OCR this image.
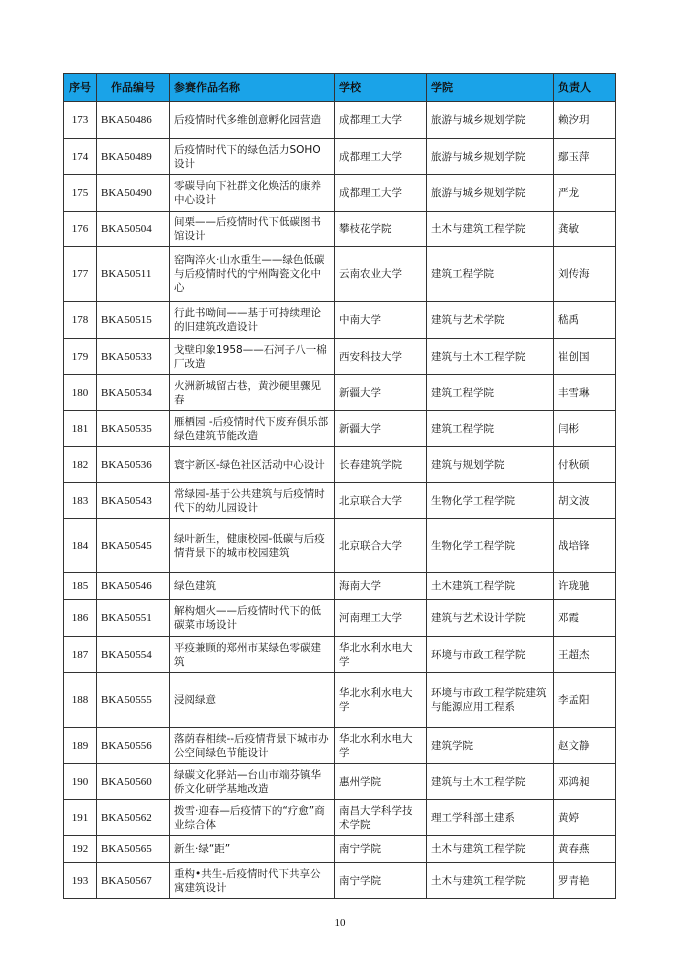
序号	作品编号	参赛作品名称	学校	学院	负责人
173	BKA50486	后疫情时代多维创意孵化园营造	成都理工大学	旅游与城乡规划学院	赖汐玥
174	BKA50489	后疫情时代下的绿色活力SOHO设计	成都理工大学	旅游与城乡规划学院	鄢玉萍
175	BKA50490	零碳导向下社群文化焕活的康养中心设计	成都理工大学	旅游与城乡规划学院	严龙
176	BKA50504	间栗——后疫情时代下低碳图书馆设计	攀枝花学院	土木与建筑工程学院	龚敏
177	BKA50511	窑陶淬火·山水重生——绿色低碳与后疫情时代的宁州陶瓷文化中心	云南农业大学	建筑工程学院	刘传海
178	BKA50515	行此书呦间——基于可持续理论的旧建筑改造设计	中南大学	建筑与艺术学院	嵇禹
179	BKA50533	戈壁印象1958——石河子八一棉厂改造	西安科技大学	建筑与土木工程学院	崔创国
180	BKA50534	火洲新城留古巷，黄沙硬里骤见春	新疆大学	建筑工程学院	丰雪琳
181	BKA50535	雁栖园 -后疫情时代下废弃俱乐部绿色建筑节能改造	新疆大学	建筑工程学院	闫彬
182	BKA50536	寰宇新区-绿色社区活动中心设计	长春建筑学院	建筑与规划学院	付秋硕
183	BKA50543	常绿园-基于公共建筑与后疫情时代下的幼儿园设计	北京联合大学	生物化学工程学院	胡文波
184	BKA50545	绿叶新生，健康校园-低碳与后疫情背景下的城市校园建筑	北京联合大学	生物化学工程学院	战培锋
185	BKA50546	绿色建筑	海南大学	土木建筑工程学院	许珑驰
186	BKA50551	解构烟火——后疫情时代下的低碳菜市场设计	河南理工大学	建筑与艺术设计学院	邓霞
187	BKA50554	平疫兼顾的郑州市某绿色零碳建筑	华北水利水电大学	环境与市政工程学院	王超杰
188	BKA50555	浸阅绿意	华北水利水电大学	环境与市政工程学院建筑与能源应用工程系	李孟阳
189	BKA50556	落荫春相续--后疫情背景下城市办公空间绿色节能设计	华北水利水电大学	建筑学院	赵文静
190	BKA50560	绿碳文化驿站—台山市端芬镇华侨文化研学基地改造	惠州学院	建筑与土木工程学院	邓鸿昶
191	BKA50562	拨雪·迎春—后疫情下的“疗愈”商业综合体	南昌大学科学技术学院	理工学科部土建系	黄婷
192	BKA50565	新生·绿“距”	南宁学院	土木与建筑工程学院	黄春燕
193	BKA50567	重构•共生-后疫情时代下共享公寓建筑设计	南宁学院	土木与建筑工程学院	罗青艳
10
